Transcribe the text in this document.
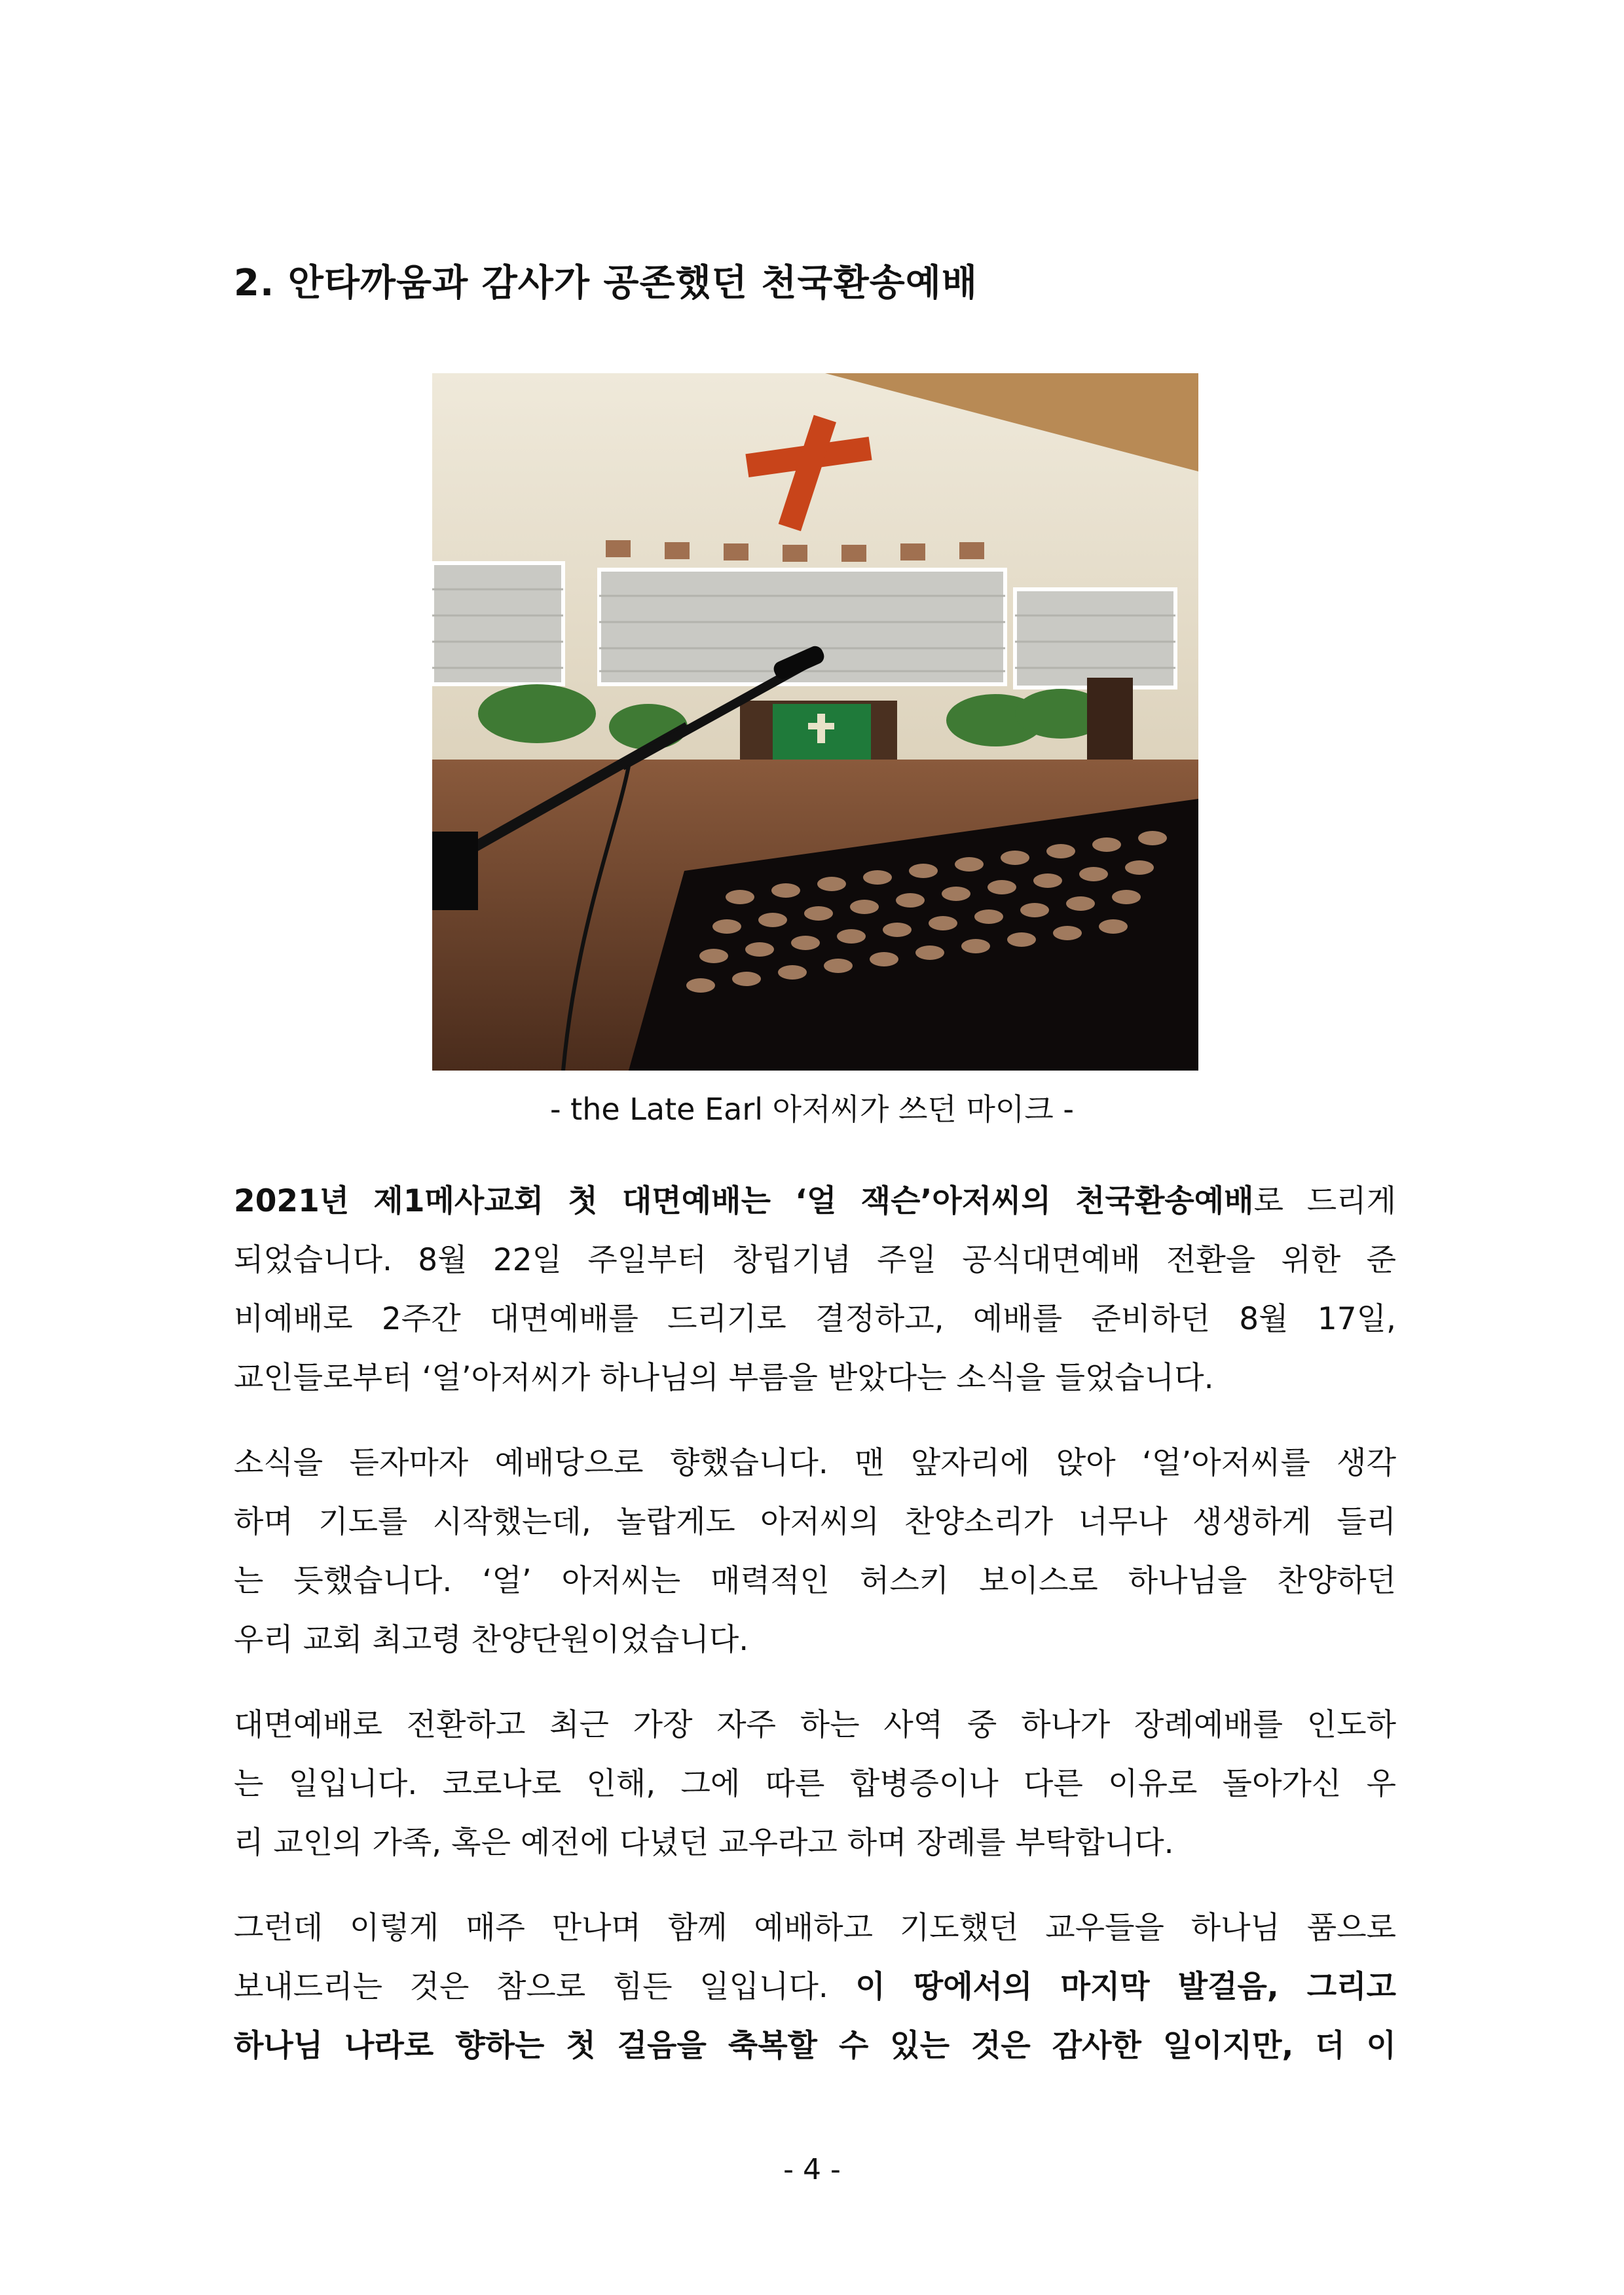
2. 안타까움과 감사가 공존했던 천국환송예배
- the Late Earl 아저씨가 쓰던 마이크 -
2021년 제1메사교회 첫 대면예배는 ‘얼 잭슨’아저씨의 천국환송예배로 드리게
되었습니다. 8월 22일 주일부터 창립기념 주일 공식대면예배 전환을 위한 준
비예배로 2주간 대면예배를 드리기로 결정하고, 예배를 준비하던 8월 17일,
교인들로부터 ‘얼’아저씨가 하나님의 부름을 받았다는 소식을 들었습니다.
소식을 듣자마자 예배당으로 향했습니다. 맨 앞자리에 앉아 ‘얼’아저씨를 생각
하며 기도를 시작했는데, 놀랍게도 아저씨의 찬양소리가 너무나 생생하게 들리
는 듯했습니다. ‘얼’ 아저씨는 매력적인 허스키 보이스로 하나님을 찬양하던
우리 교회 최고령 찬양단원이었습니다.
대면예배로 전환하고 최근 가장 자주 하는 사역 중 하나가 장례예배를 인도하
는 일입니다. 코로나로 인해, 그에 따른 합병증이나 다른 이유로 돌아가신 우
리 교인의 가족, 혹은 예전에 다녔던 교우라고 하며 장례를 부탁합니다.
그런데 이렇게 매주 만나며 함께 예배하고 기도했던 교우들을 하나님 품으로
보내드리는 것은 참으로 힘든 일입니다. 이 땅에서의 마지막 발걸음, 그리고
하나님 나라로 향하는 첫 걸음을 축복할 수 있는 것은 감사한 일이지만, 더 이
- 4 -
